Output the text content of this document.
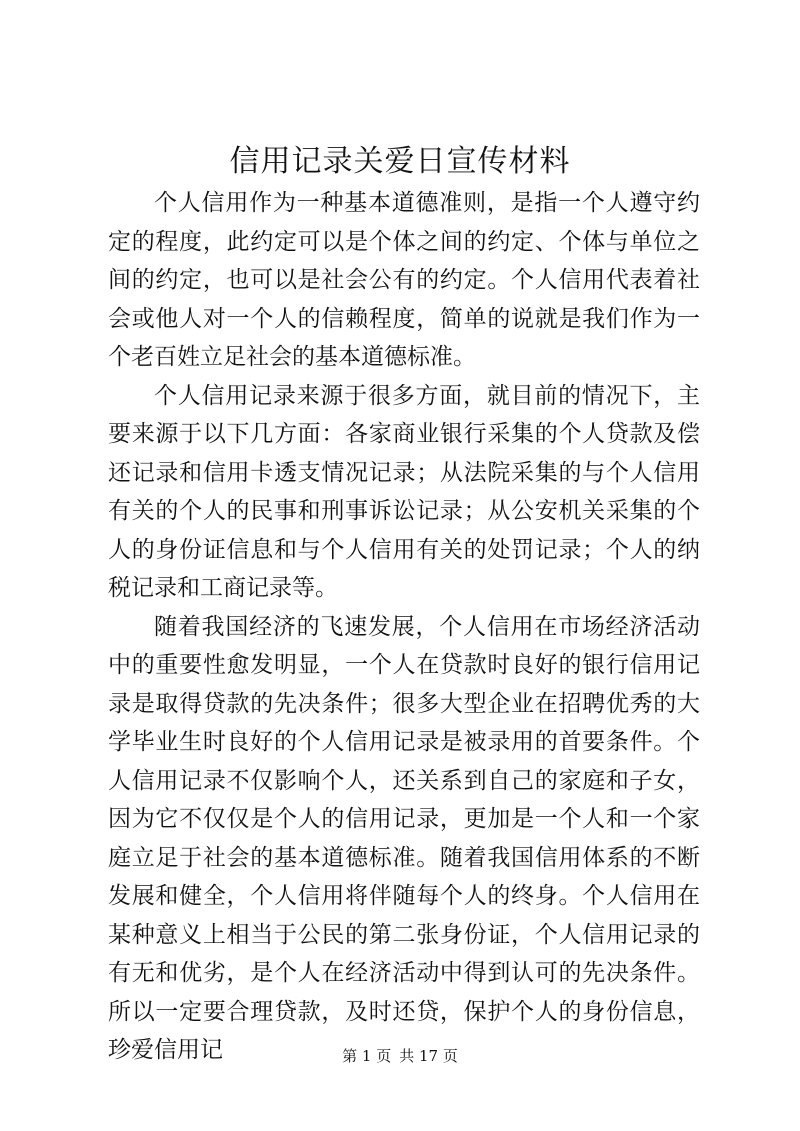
信用记录关爱日宣传材料

个人信用作为一种基本道德准则，是指一个人遵守约定的程度，此约定可以是个体之间的约定、个体与单位之间的约定，也可以是社会公有的约定。个人信用代表着社会或他人对一个人的信赖程度，简单的说就是我们作为一个老百姓立足社会的基本道德标准。

个人信用记录来源于很多方面，就目前的情况下，主要来源于以下几方面：各家商业银行采集的个人贷款及偿还记录和信用卡透支情况记录；从法院采集的与个人信用有关的个人的民事和刑事诉讼记录；从公安机关采集的个人的身份证信息和与个人信用有关的处罚记录；个人的纳税记录和工商记录等。

随着我国经济的飞速发展，个人信用在市场经济活动中的重要性愈发明显，一个人在贷款时良好的银行信用记录是取得贷款的先决条件；很多大型企业在招聘优秀的大学毕业生时良好的个人信用记录是被录用的首要条件。个人信用记录不仅影响个人，还关系到自己的家庭和子女，因为它不仅仅是个人的信用记录，更加是一个人和一个家庭立足于社会的基本道德标准。随着我国信用体系的不断发展和健全，个人信用将伴随每个人的终身。个人信用在某种意义上相当于公民的第二张身份证，个人信用记录的有无和优劣，是个人在经济活动中得到认可的先决条件。所以一定要合理贷款，及时还贷，保护个人的身份信息，珍爱信用记	第 1 页 共 17 页
